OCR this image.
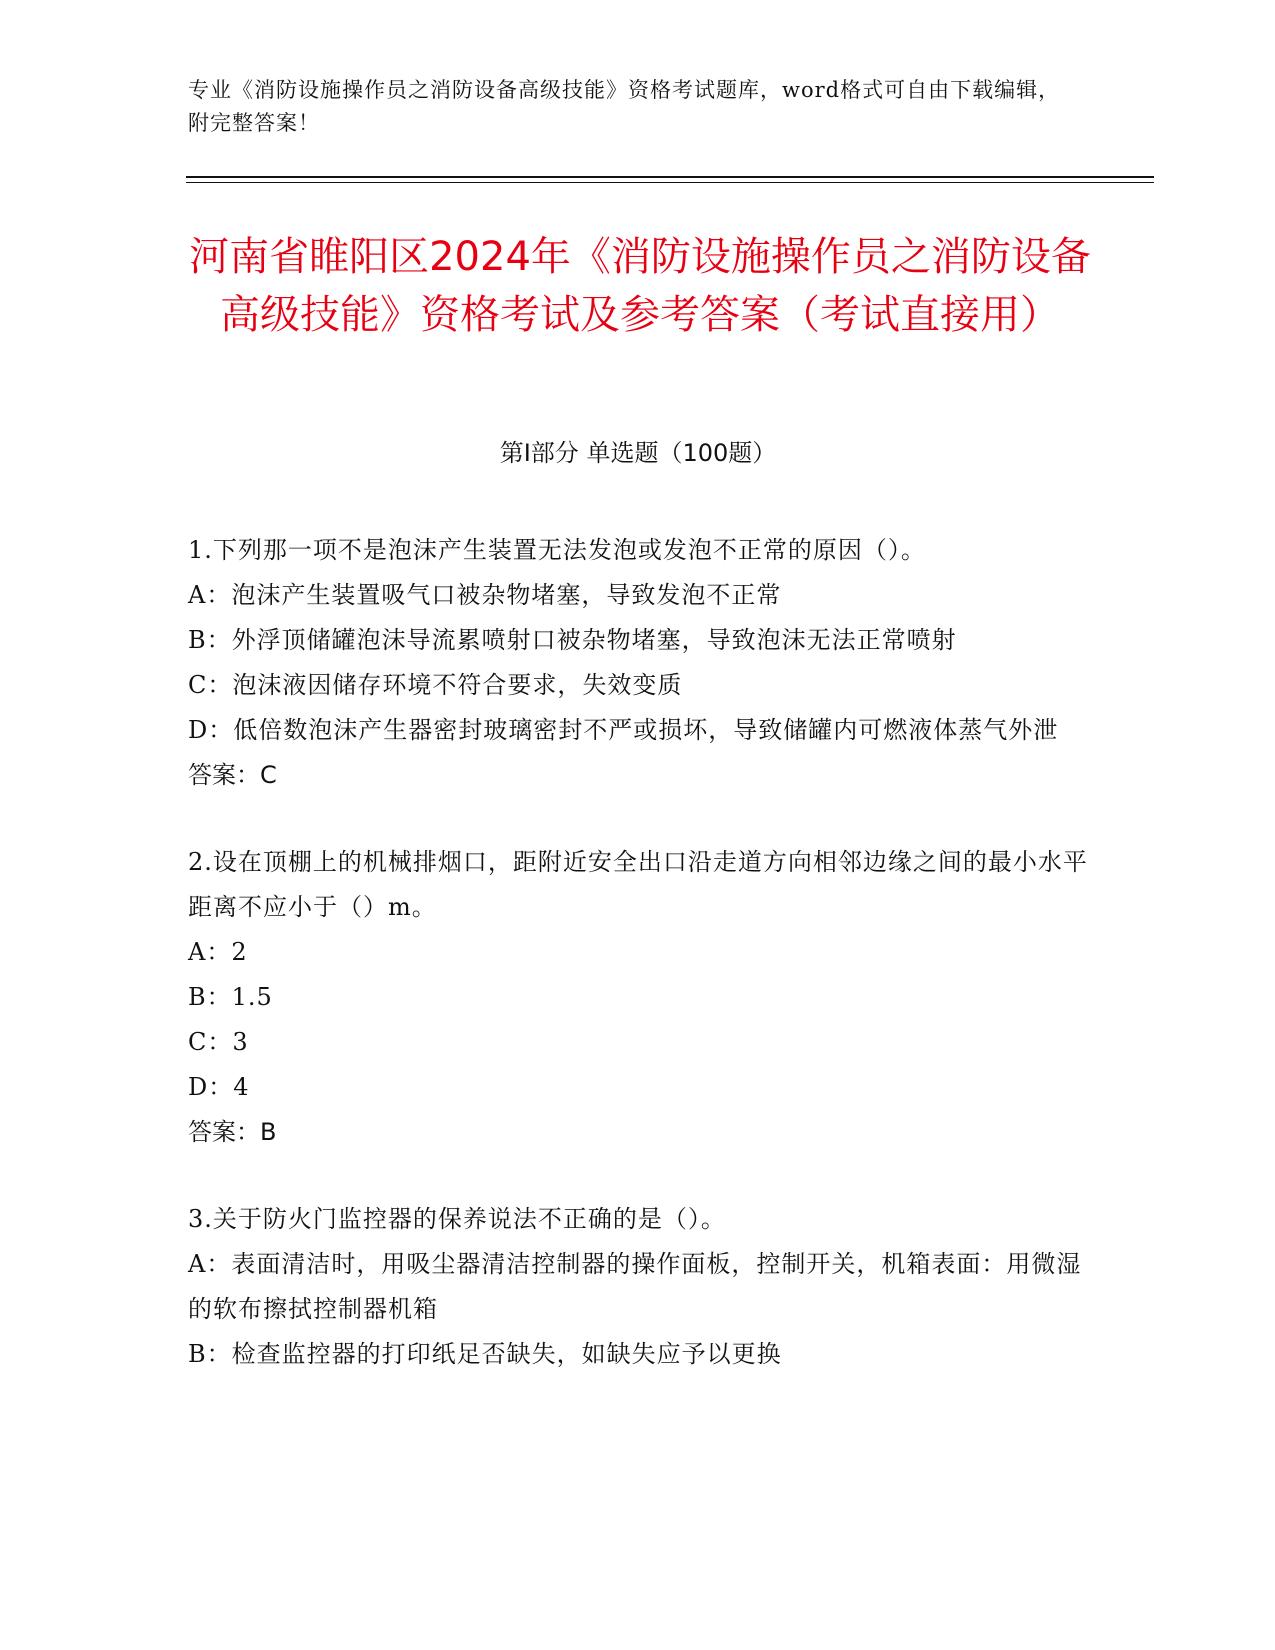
专业《消防设施操作员之消防设备高级技能》资格考试题库，word格式可自由下载编辑，附完整答案！
河南省睢阳区2024年《消防设施操作员之消防设备高级技能》资格考试及参考答案（考试直接用）
第Ⅰ部分 单选题（100题）
1.下列那一项不是泡沫产生装置无法发泡或发泡不正常的原因（）。
A：泡沫产生装置吸气口被杂物堵塞，导致发泡不正常
B：外浮顶储罐泡沫导流累喷射口被杂物堵塞，导致泡沫无法正常喷射
C：泡沫液因储存环境不符合要求，失效变质
D：低倍数泡沫产生器密封玻璃密封不严或损坏，导致储罐内可燃液体蒸气外泄
答案：C
2.设在顶棚上的机械排烟口，距附近安全出口沿走道方向相邻边缘之间的最小水平距离不应小于（）m。
A：2
B：1.5
C：3
D：4
答案：B
3.关于防火门监控器的保养说法不正确的是（）。
A：表面清洁时，用吸尘器清洁控制器的操作面板，控制开关，机箱表面：用微湿的软布擦拭控制器机箱
B：检查监控器的打印纸足否缺失，如缺失应予以更换
